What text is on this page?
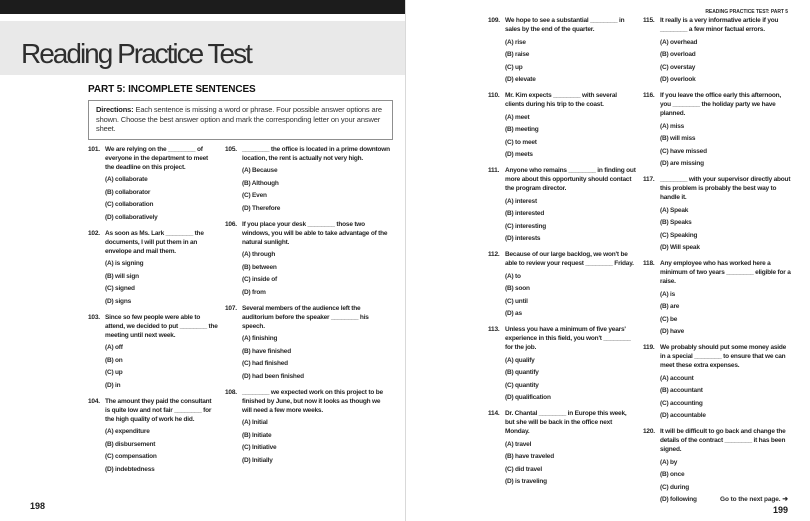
Reading Practice Test
PART 5: INCOMPLETE SENTENCES
Directions: Each sentence is missing a word or phrase. Four possible answer options are shown. Choose the best answer option and mark the corresponding letter on your answer sheet.
101. We are relying on the ________ of everyone in the department to meet the deadline on this project.
(A) collaborate
(B) collaborator
(C) collaboration
(D) collaboratively
102. As soon as Ms. Lark ________ the documents, I will put them in an envelope and mail them.
(A) is signing
(B) will sign
(C) signed
(D) signs
103. Since so few people were able to attend, we decided to put ________ the meeting until next week.
(A) off
(B) on
(C) up
(D) in
104. The amount they paid the consultant is quite low and not fair ________ for the high quality of work he did.
(A) expenditure
(B) disbursement
(C) compensation
(D) indebtedness
105. ________ the office is located in a prime downtown location, the rent is actually not very high.
(A) Because
(B) Although
(C) Even
(D) Therefore
106. If you place your desk ________ those two windows, you will be able to take advantage of the natural sunlight.
(A) through
(B) between
(C) inside of
(D) from
107. Several members of the audience left the auditorium before the speaker ________ his speech.
(A) finishing
(B) have finished
(C) had finished
(D) had been finished
108. ________ we expected work on this project to be finished by June, but now it looks as though we will need a few more weeks.
(A) Initial
(B) Initiate
(C) Initiative
(D) Initially
198
READING PRACTICE TEST: PART 5
109. We hope to see a substantial ________ in sales by the end of the quarter.
(A) rise
(B) raise
(C) up
(D) elevate
110. Mr. Kim expects ________ with several clients during his trip to the coast.
(A) meet
(B) meeting
(C) to meet
(D) meets
111. Anyone who remains ________ in finding out more about this opportunity should contact the program director.
(A) interest
(B) interested
(C) interesting
(D) interests
112. Because of our large backlog, we won't be able to review your request ________ Friday.
(A) to
(B) soon
(C) until
(D) as
113. Unless you have a minimum of five years' experience in this field, you won't ________ for the job.
(A) qualify
(B) quantify
(C) quantity
(D) qualification
114. Dr. Chantal ________ in Europe this week, but she will be back in the office next Monday.
(A) travel
(B) have traveled
(C) did travel
(D) is traveling
115. It really is a very informative article if you ________ a few minor factual errors.
(A) overhead
(B) overload
(C) overstay
(D) overlook
116. If you leave the office early this afternoon, you ________ the holiday party we have planned.
(A) miss
(B) will miss
(C) have missed
(D) are missing
117. ________ with your supervisor directly about this problem is probably the best way to handle it.
(A) Speak
(B) Speaks
(C) Speaking
(D) Will speak
118. Any employee who has worked here a minimum of two years ________ eligible for a raise.
(A) is
(B) are
(C) be
(D) have
119. We probably should put some money aside in a special ________ to ensure that we can meet these extra expenses.
(A) account
(B) accountant
(C) accounting
(D) accountable
120. It will be difficult to go back and change the details of the contract ________ it has been signed.
(A) by
(B) once
(C) during
(D) following	Go to the next page. ➜
199
